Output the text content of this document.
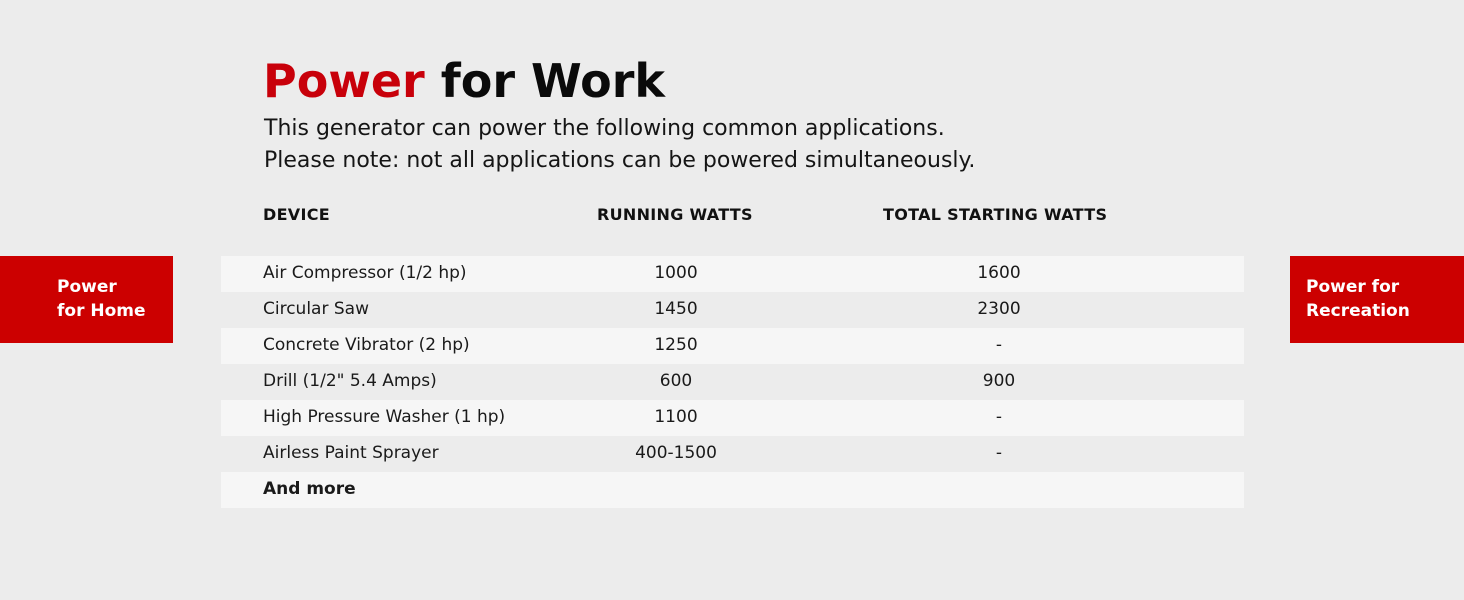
Power for Work
This generator can power the following common applications.
Please note: not all applications can be powered simultaneously.
DEVICE	RUNNING WATTS	TOTAL STARTING WATTS
Air Compressor (1/2 hp)	1000	1600
Circular Saw	1450	2300
Concrete Vibrator (2 hp)	1250	-
Drill (1/2" 5.4 Amps)	600	900
High Pressure Washer (1 hp)	1100	-
Airless Paint Sprayer	400-1500	-
And more
Power
for Home
Power for
Recreation
